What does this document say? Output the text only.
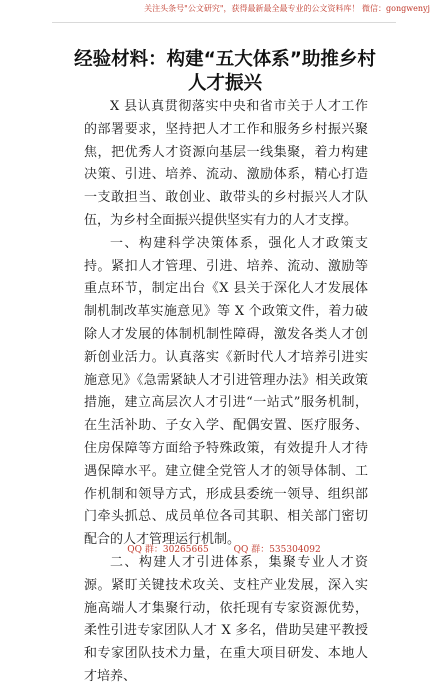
关注头条号"公文研究"，获得最新最全最专业的公文资料库！ 微信：gongwenyj
经验材料：构建“五大体系”助推乡村人才振兴

X 县认真贯彻落实中央和省市关于人才工作的部署要求，坚持把人才工作和服务乡村振兴聚焦，把优秀人才资源向基层一线集聚，着力构建决策、引进、培养、流动、激励体系，精心打造一支敢担当、敢创业、敢带头的乡村振兴人才队伍，为乡村全面振兴提供坚实有力的人才支撑。

一、构建科学决策体系，强化人才政策支持。紧扣人才管理、引进、培养、流动、激励等重点环节，制定出台《X 县关于深化人才发展体制机制改革实施意见》等 X 个政策文件，着力破除人才发展的体制机制性障碍，激发各类人才创新创业活力。认真落实《新时代人才培养引进实施意见》《急需紧缺人才引进管理办法》相关政策措施，建立高层次人才引进“一站式”服务机制，在生活补助、子女入学、配偶安置、医疗服务、住房保障等方面给予特殊政策，有效提升人才待遇保障水平。建立健全党管人才的领导体制、工作机制和领导方式，形成县委统一领导、组织部门牵头抓总、成员单位各司其职、相关部门密切配合的人才管理运行机制。

二、构建人才引进体系，集聚专业人才资源。紧盯关键技术攻关、支柱产业发展，深入实施高端人才集聚行动，依托现有专家资源优势，柔性引进专家团队人才 X 多名，借助吴建平教授和专家团队技术力量，在重大项目研发、本地人才培养、

QQ 群：30265665	QQ 群：535304092
